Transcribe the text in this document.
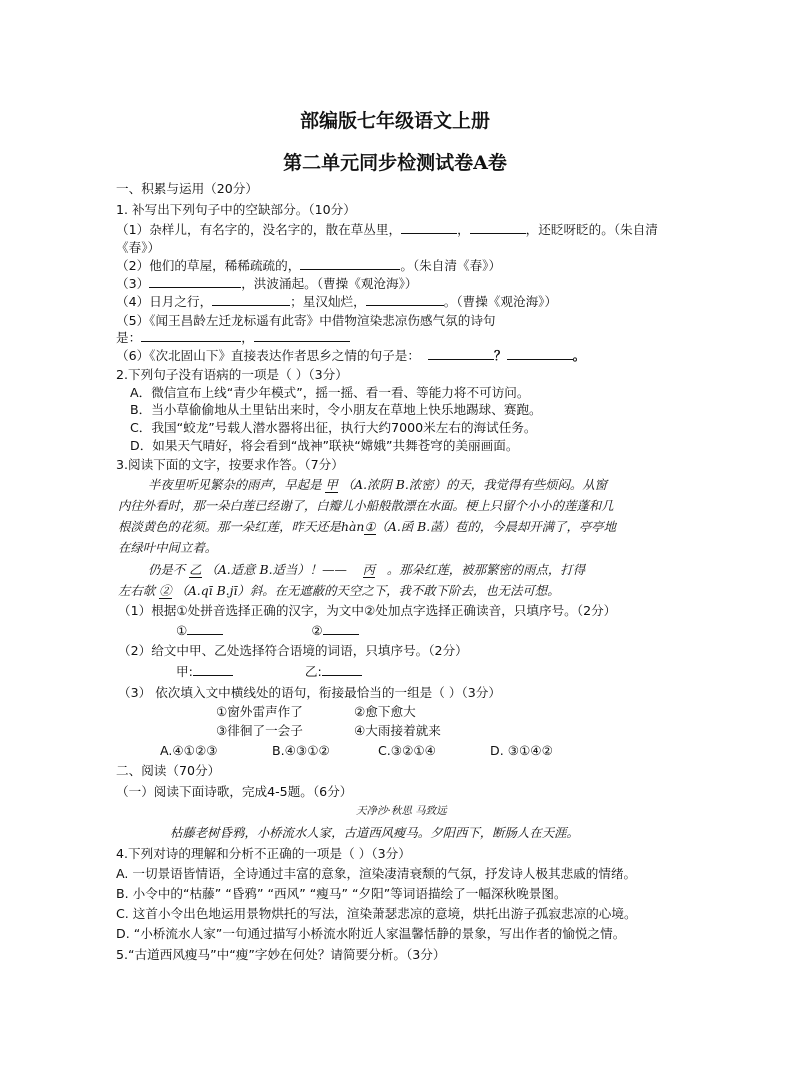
部编版七年级语文上册
第二单元同步检测试卷A卷
一、积累与运用（20分）
1. 补写出下列句子中的空缺部分。（10分）
（1）杂样儿，有名字的，没名字的，散在草丛里，	，	，还眨呀眨的。（朱自清
《春》）
（2）他们的草屋，稀稀疏疏的，	。（朱自清《春》）
（3）	，洪波涌起。（曹操《观沧海》）
（4）日月之行，	；星汉灿烂，	。（曹操《观沧海》）
（5）《闻王昌龄左迁龙标遥有此寄》中借物渲染悲凉伤感气氛的诗句
是：	，
（6）《次北固山下》直接表达作者思乡之情的句子是：	？	。
2.下列句子没有语病的一项是（ ）（3分）
A．微信宣布上线“青少年模式”，摇一摇、看一看、等能力将不可访问。
B．当小草偷偷地从土里钻出来时，令小朋友在草地上快乐地踢球、赛跑。
C．我国“蛟龙”号载人潜水器将出征，执行大约7000米左右的海试任务。
D．如果天气晴好，将会看到“战神”联袂“嫦娥”共舞苍穹的美丽画面。
3.阅读下面的文字，按要求作答。（7分）
半夜里听见繁杂的雨声，早起是 甲 （A.浓阴 B.浓密）的天，我觉得有些烦闷。从窗
内往外看时，那一朵白莲已经谢了，白瓣儿小船般散漂在水面。梗上只留个小小的莲蓬和几
根淡黄色的花须。那一朵红莲，昨天还是hàn①（A.函 B.菡）苞的，今晨却开满了，亭亭地
在绿叶中间立着。
仍是不 乙 （A.适意 B.适当）！—— 丙 。那朵红莲，被那繁密的雨点，打得
左右欹 ② （A.qī B.jī）斜。在无遮蔽的天空之下，我不敢下阶去，也无法可想。
（1）根据①处拼音选择正确的汉字，为文中②处加点字选择正确读音，只填序号。（2分）
①	②
（2）给文中甲、乙处选择符合语境的词语，只填序号。（2分）
甲:	乙:
（3） 依次填入文中横线处的语句，衔接最恰当的一组是（ ）（3分）
①窗外雷声作了	②愈下愈大
③徘徊了一会子	④大雨接着就来
A.④①②③	B.④③①②	C.③②①④	D. ③①④②
二、阅读（70分）
（一）阅读下面诗歌，完成4-5题。（6分）
天净沙·秋思 马致远
枯藤老树昏鸦，小桥流水人家，古道西风瘦马。夕阳西下，断肠人在天涯。
4.下列对诗的理解和分析不正确的一项是（ ）（3分）
A. 一切景语皆情语，全诗通过丰富的意象，渲染凄清衰颓的气氛，抒发诗人极其悲戚的情绪。
B. 小令中的“枯藤” “昏鸦” “西风” “瘦马” “夕阳”等词语描绘了一幅深秋晚景图。
C. 这首小令出色地运用景物烘托的写法，渲染萧瑟悲凉的意境，烘托出游子孤寂悲凉的心境。
D. “小桥流水人家”一句通过描写小桥流水附近人家温馨恬静的景象，写出作者的愉悦之情。
5.“古道西风瘦马”中“瘦”字妙在何处？请简要分析。（3分）
